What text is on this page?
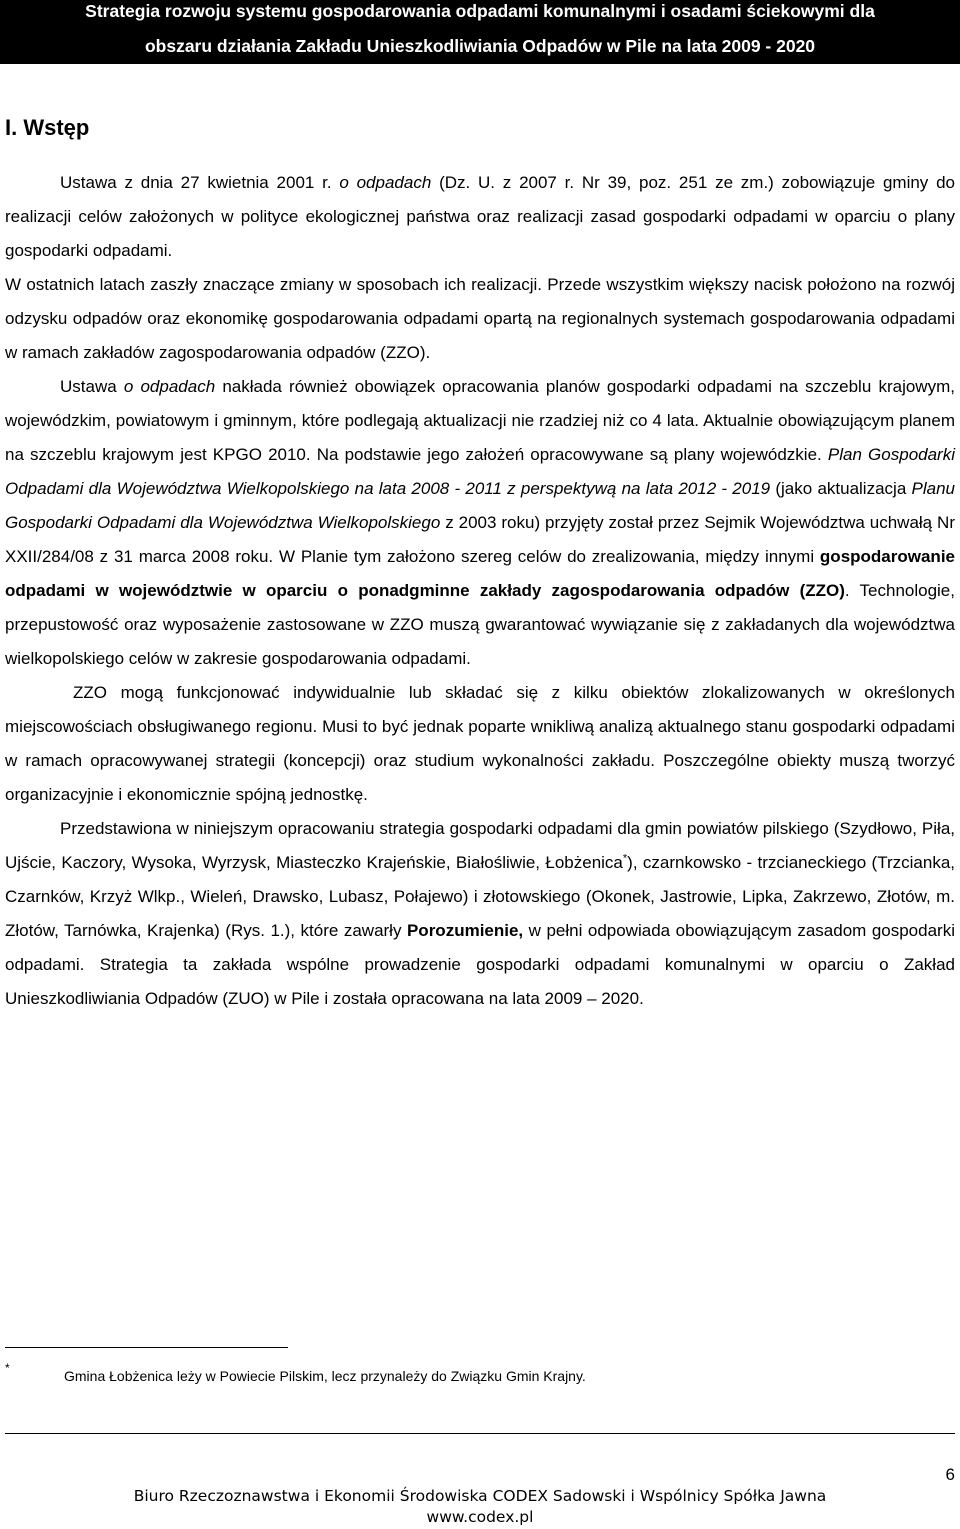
Strategia rozwoju systemu gospodarowania odpadami komunalnymi i osadami ściekowymi dla
obszaru działania Zakładu Unieszkodliwiania Odpadów w Pile na lata 2009 - 2020
I. Wstęp

Ustawa z dnia 27 kwietnia 2001 r. o odpadach (Dz. U. z 2007 r. Nr 39, poz. 251 ze zm.) zobowiązuje gminy do realizacji celów założonych w polityce ekologicznej państwa oraz realizacji zasad gospodarki odpadami w oparciu o plany gospodarki odpadami.

W ostatnich latach zaszły znaczące zmiany w sposobach ich realizacji. Przede wszystkim większy nacisk położono na rozwój odzysku odpadów oraz ekonomikę gospodarowania odpadami opartą na regionalnych systemach gospodarowania odpadami w ramach zakładów zagospodarowania odpadów (ZZO).

Ustawa o odpadach nakłada również obowiązek opracowania planów gospodarki odpadami na szczeblu krajowym, wojewódzkim, powiatowym i gminnym, które podlegają aktualizacji nie rzadziej niż co 4 lata. Aktualnie obowiązującym planem na szczeblu krajowym jest KPGO 2010. Na podstawie jego założeń opracowywane są plany wojewódzkie. Plan Gospodarki Odpadami dla Województwa Wielkopolskiego na lata 2008 - 2011 z perspektywą na lata 2012 - 2019 (jako aktualizacja Planu Gospodarki Odpadami dla Województwa Wielkopolskiego z 2003 roku) przyjęty został przez Sejmik Województwa uchwałą Nr XXII/284/08 z 31 marca 2008 roku. W Planie tym założono szereg celów do zrealizowania, między innymi gospodarowanie odpadami w województwie w oparciu o ponadgminne zakłady zagospodarowania odpadów (ZZO). Technologie, przepustowość oraz wyposażenie zastosowane w ZZO muszą gwarantować wywiązanie się z zakładanych dla województwa wielkopolskiego celów w zakresie gospodarowania odpadami.

ZZO mogą funkcjonować indywidualnie lub składać się z kilku obiektów zlokalizowanych w określonych miejscowościach obsługiwanego regionu. Musi to być jednak poparte wnikliwą analizą aktualnego stanu gospodarki odpadami w ramach opracowywanej strategii (koncepcji) oraz studium wykonalności zakładu. Poszczególne obiekty muszą tworzyć organizacyjnie i ekonomicznie spójną jednostkę.

Przedstawiona w niniejszym opracowaniu strategia gospodarki odpadami dla gmin powiatów pilskiego (Szydłowo, Piła, Ujście, Kaczory, Wysoka, Wyrzysk, Miasteczko Krajeńskie, Białośliwie, Łobżenica*), czarnkowsko - trzcianeckiego (Trzcianka, Czarnków, Krzyż Wlkp., Wieleń, Drawsko, Lubasz, Połajewo) i złotowskiego (Okonek, Jastrowie, Lipka, Zakrzewo, Złotów, m. Złotów, Tarnówka, Krajenka) (Rys. 1.), które zawarły Porozumienie, w pełni odpowiada obowiązującym zasadom gospodarki odpadami. Strategia ta zakłada wspólne prowadzenie gospodarki odpadami komunalnymi w oparciu o Zakład Unieszkodliwiania Odpadów (ZUO) w Pile i została opracowana na lata 2009 – 2020.

*	Gmina Łobżenica leży w Powiecie Pilskim, lecz przynależy do Związku Gmin Krajny.
6
Biuro Rzeczoznawstwa i Ekonomii Środowiska CODEX Sadowski i Wspólnicy Spółka Jawna
www.codex.pl
